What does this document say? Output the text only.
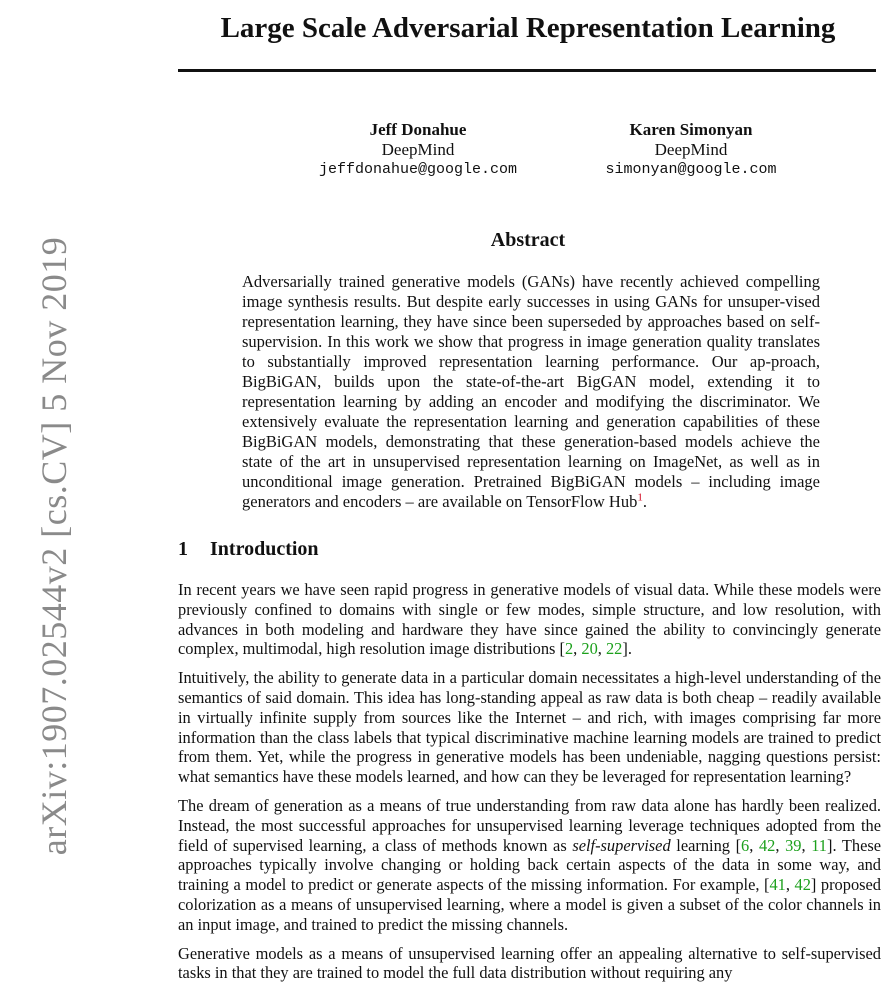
arXiv:1907.02544v2 [cs.CV] 5 Nov 2019
Large Scale Adversarial Representation Learning
Jeff Donahue
DeepMind
jeffdonahue@google.com
Karen Simonyan
DeepMind
simonyan@google.com
Abstract

Adversarially trained generative models (GANs) have recently achieved compelling image synthesis results. But despite early successes in using GANs for unsuper-vised representation learning, they have since been superseded by approaches based on self-supervision. In this work we show that progress in image generation quality translates to substantially improved representation learning performance. Our ap-proach, BigBiGAN, builds upon the state-of-the-art BigGAN model, extending it to representation learning by adding an encoder and modifying the discriminator. We extensively evaluate the representation learning and generation capabilities of these BigBiGAN models, demonstrating that these generation-based models achieve the state of the art in unsupervised representation learning on ImageNet, as well as in unconditional image generation. Pretrained BigBiGAN models – including image generators and encoders – are available on TensorFlow Hub$^1$.

1 Introduction

In recent years we have seen rapid progress in generative models of visual data. While these models were previously confined to domains with single or few modes, simple structure, and low resolution, with advances in both modeling and hardware they have since gained the ability to convincingly generate complex, multimodal, high resolution image distributions [2, 20, 22].

Intuitively, the ability to generate data in a particular domain necessitates a high-level understanding of the semantics of said domain. This idea has long-standing appeal as raw data is both cheap – readily available in virtually infinite supply from sources like the Internet – and rich, with images comprising far more information than the class labels that typical discriminative machine learning models are trained to predict from them. Yet, while the progress in generative models has been undeniable, nagging questions persist: what semantics have these models learned, and how can they be leveraged for representation learning?

The dream of generation as a means of true understanding from raw data alone has hardly been realized. Instead, the most successful approaches for unsupervised learning leverage techniques adopted from the field of supervised learning, a class of methods known as self-supervised learning [6, 42, 39, 11]. These approaches typically involve changing or holding back certain aspects of the data in some way, and training a model to predict or generate aspects of the missing information. For example, [41, 42] proposed colorization as a means of unsupervised learning, where a model is given a subset of the color channels in an input image, and trained to predict the missing channels.

Generative models as a means of unsupervised learning offer an appealing alternative to self-supervised tasks in that they are trained to model the full data distribution without requiring any
